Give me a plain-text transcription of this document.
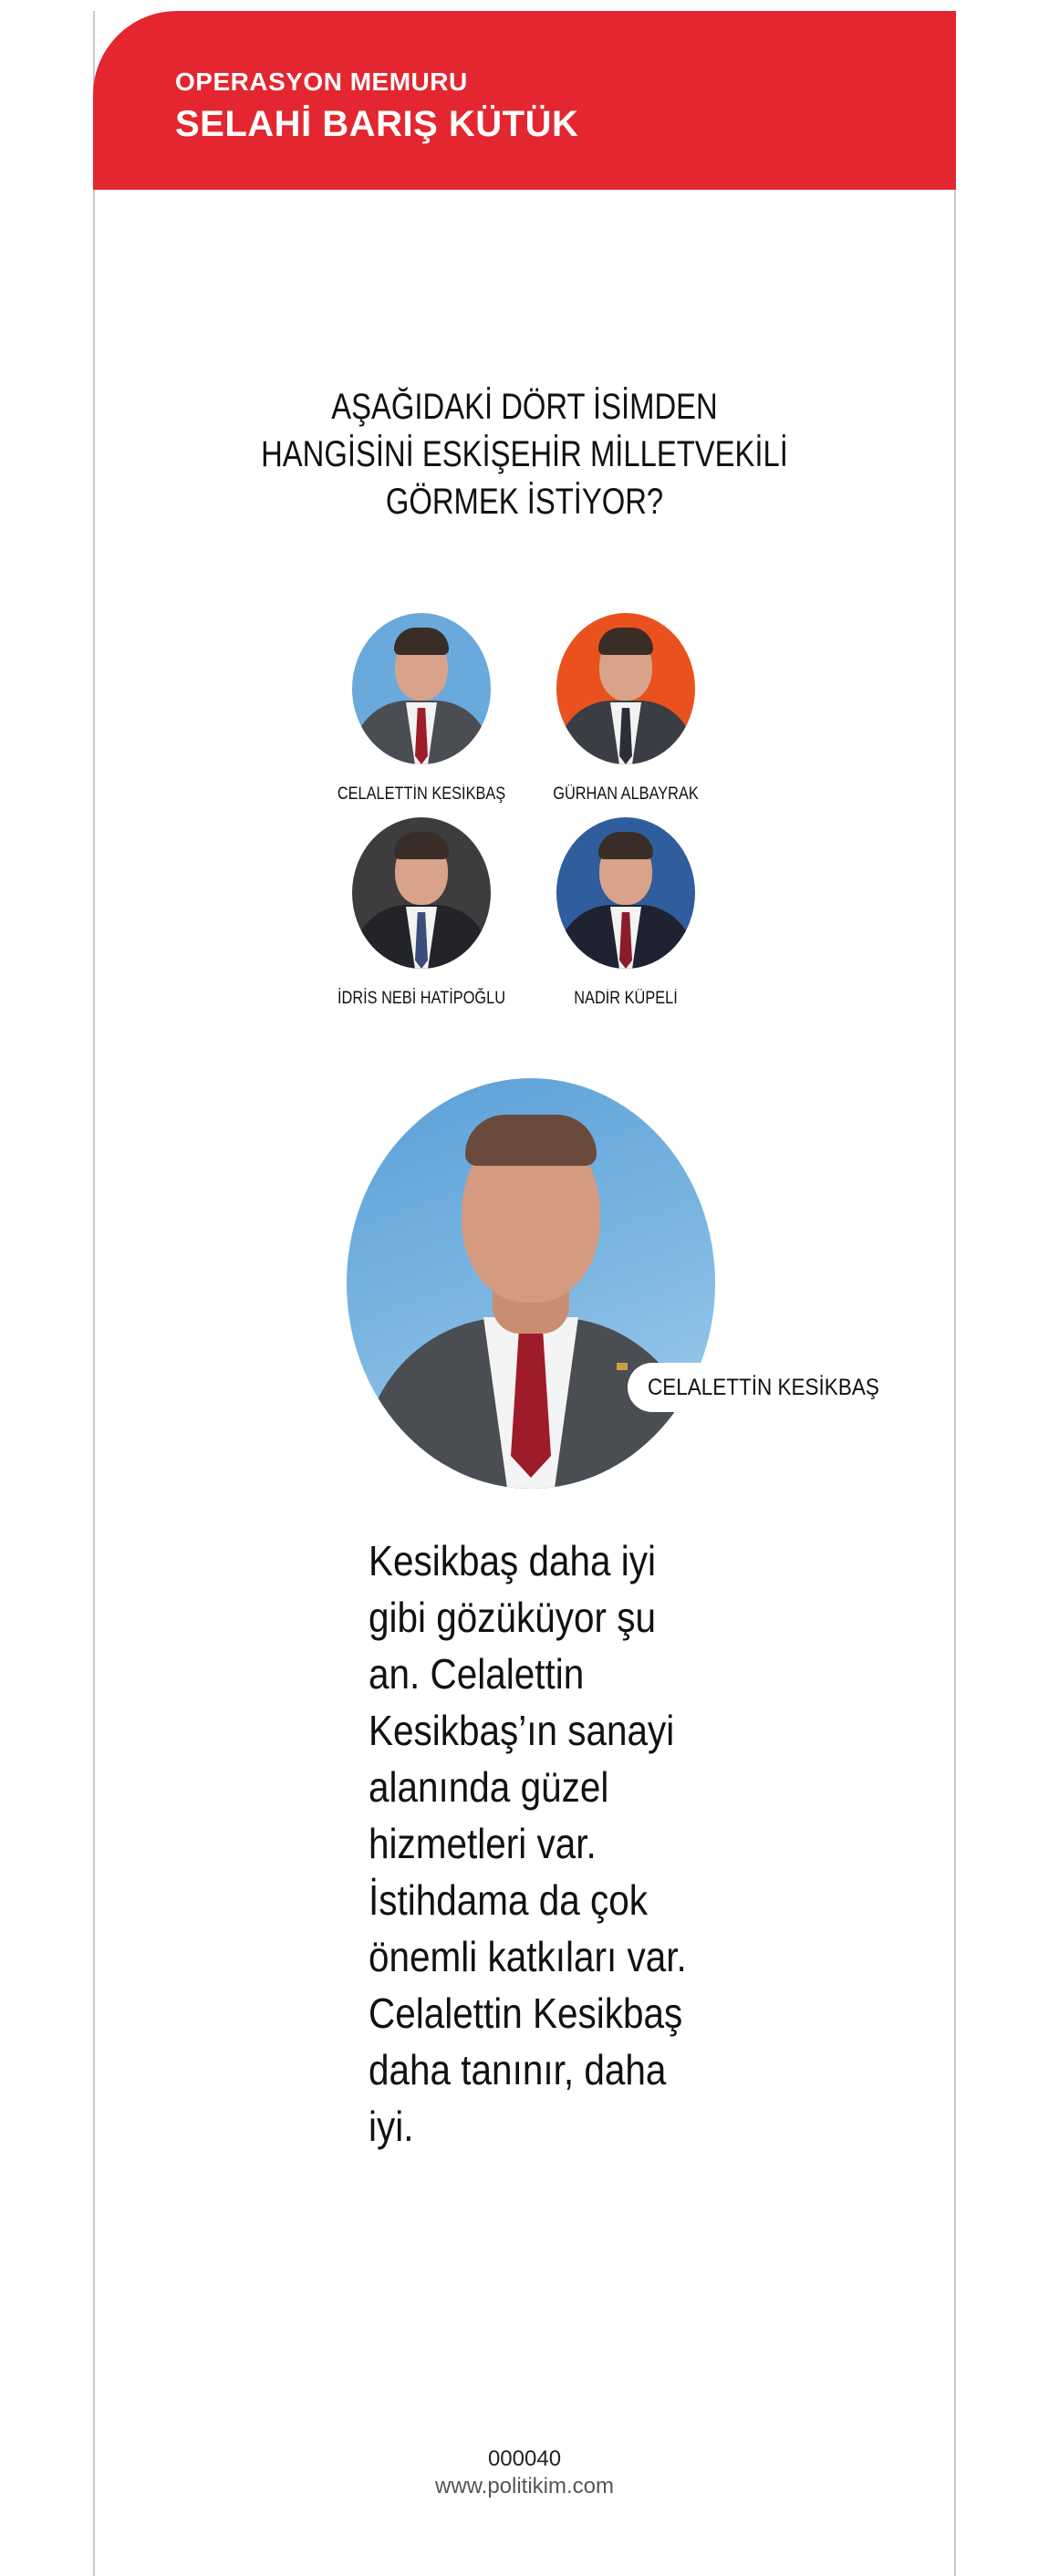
OPERASYON MEMURU
SELAHİ BARIŞ KÜTÜK
AŞAĞIDAKİ DÖRT İSİMDEN
HANGİSİNİ ESKİŞEHİR MİLLETVEKİLİ
GÖRMEK İSTİYOR?
CELALETTİN KESİKBAŞ	GÜRHAN ALBAYRAK
İDRİS NEBİ HATİPOĞLU	NADİR KÜPELİ
CELALETTİN KESİKBAŞ
Kesikbaş daha iyi
gibi gözüküyor şu
an. Celalettin
Kesikbaş’ın sanayi
alanında güzel
hizmetleri var.
İstihdama da çok
önemli katkıları var.
Celalettin Kesikbaş
daha tanınır, daha
iyi.
000040
www.politikim.com
